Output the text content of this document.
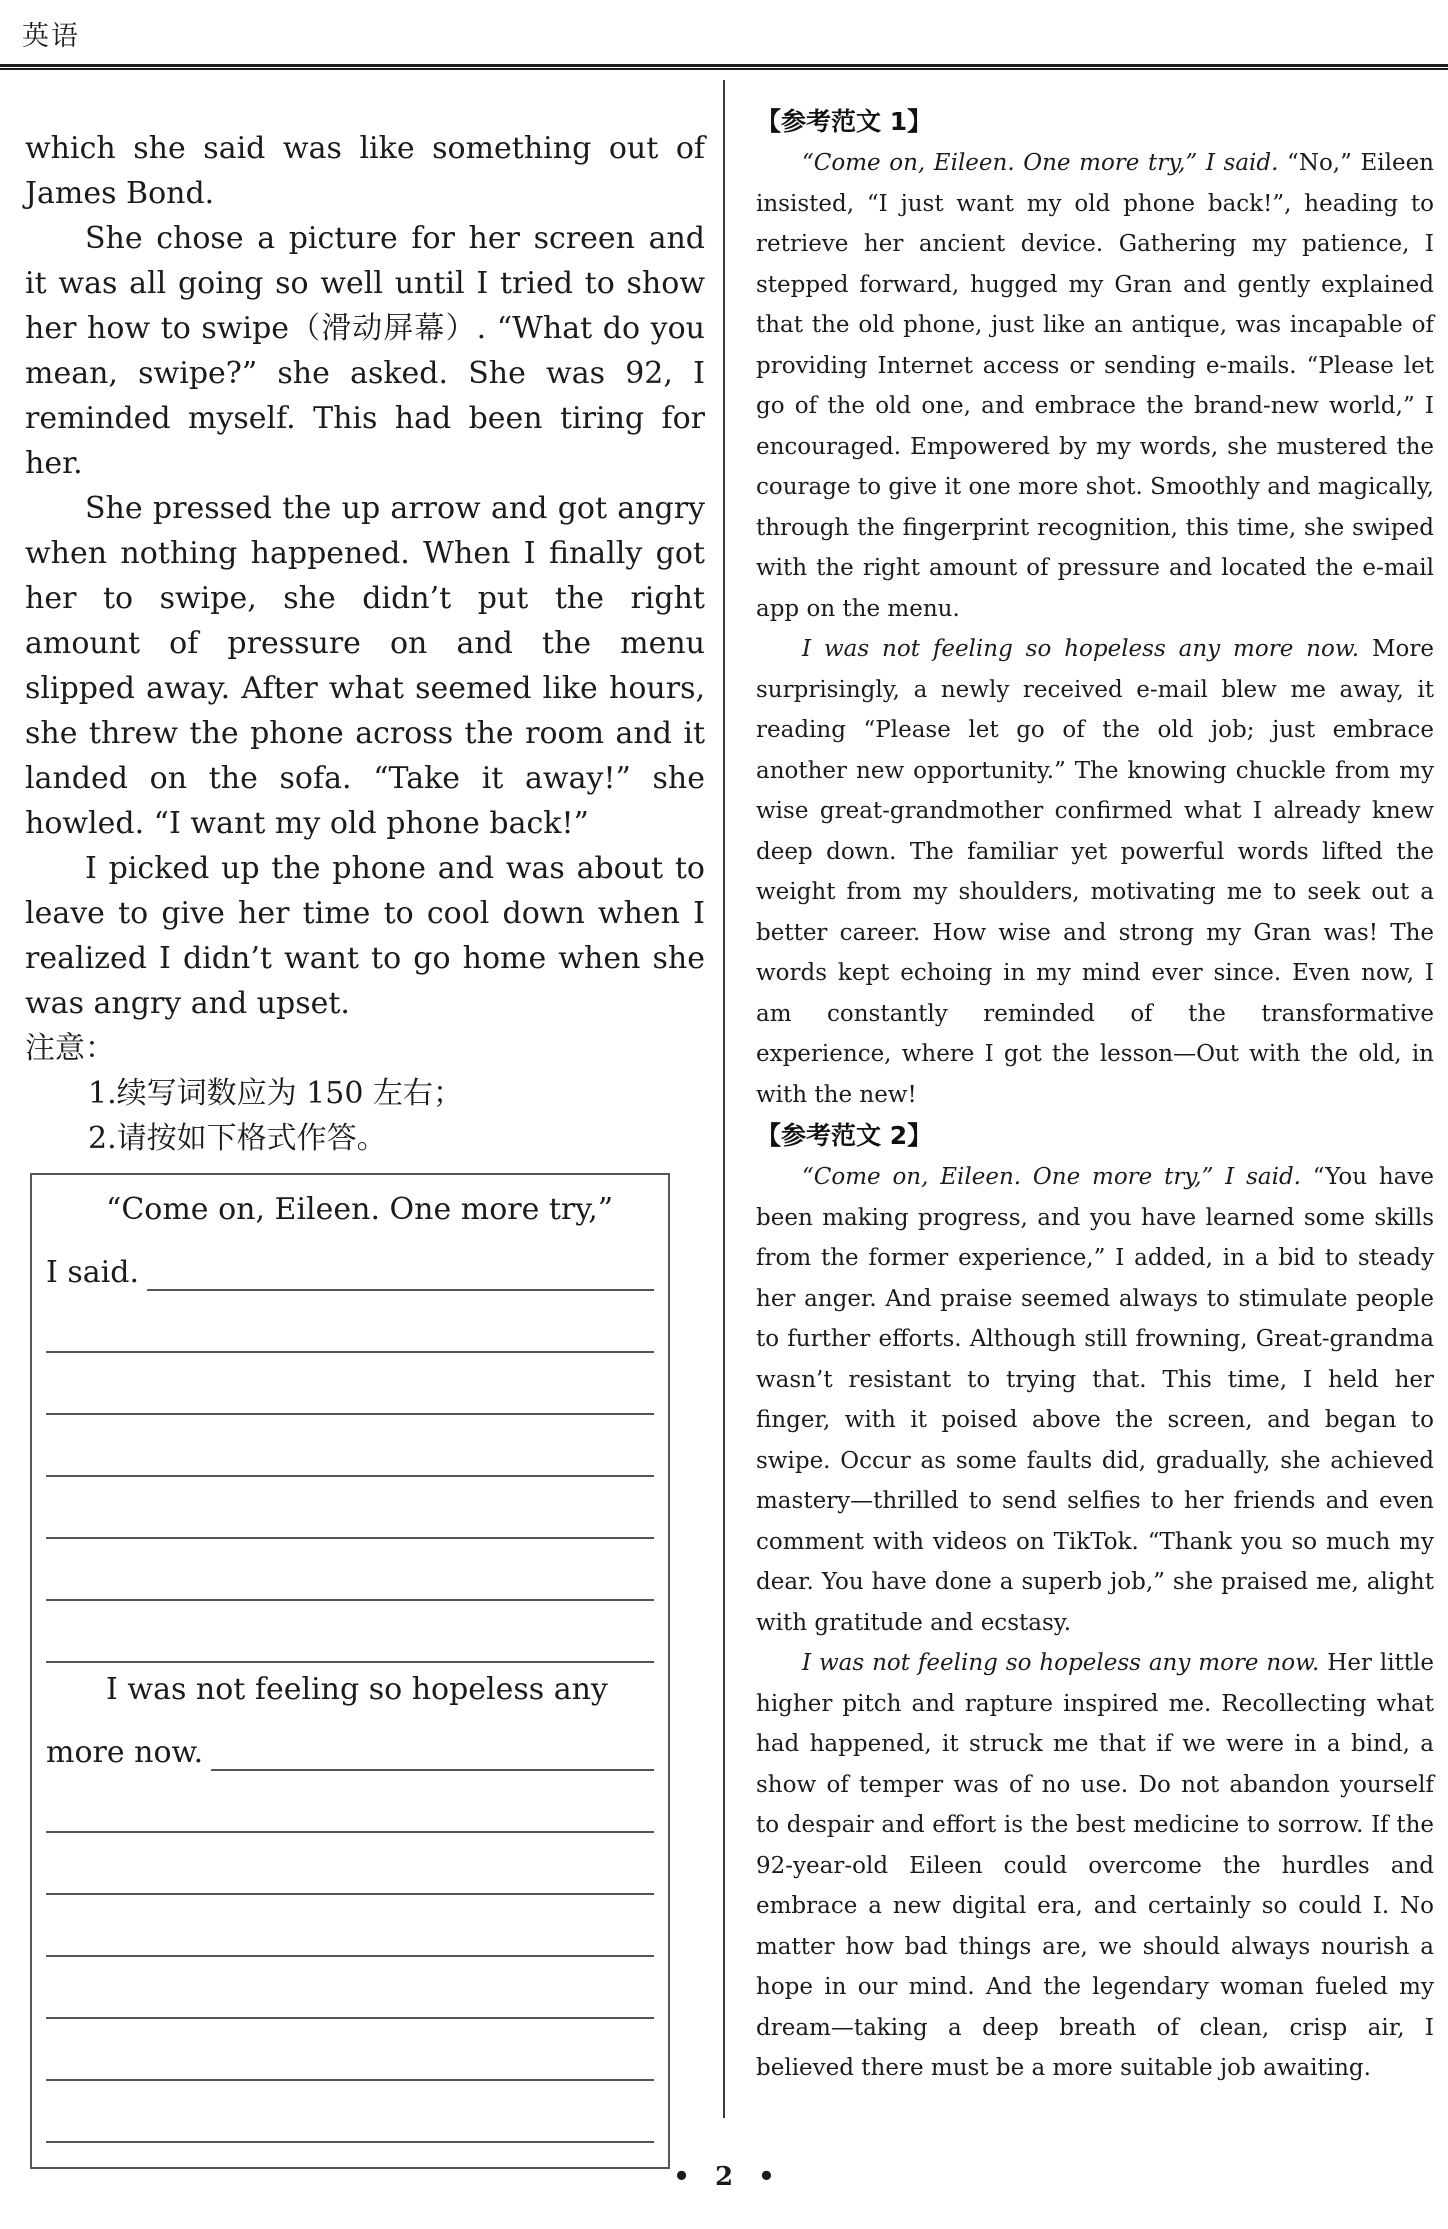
英语

which she said was like something out of James Bond.

She chose a picture for her screen and it was all going so well until I tried to show her how to swipe（滑动屏幕）. “What do you mean, swipe?” she asked. She was 92, I reminded myself. This had been tiring for her.

She pressed the up arrow and got angry when nothing happened. When I finally got her to swipe, she didn’t put the right amount of pressure on and the menu slipped away. After what seemed like hours, she threw the phone across the room and it landed on the sofa. “Take it away!” she howled. “I want my old phone back!”

I picked up the phone and was about to leave to give her time to cool down when I realized I didn’t want to go home when she was angry and upset.

注意：

1.续写词数应为 150 左右；

2.请按如下格式作答。

“Come on, Eileen. One more try,”
I said.
I was not feeling so hopeless any
more now.
【参考范文 1】

“Come on, Eileen. One more try,” I said. “No,” Eileen insisted, “I just want my old phone back!”, heading to retrieve her ancient device. Gathering my patience, I stepped forward, hugged my Gran and gently explained that the old phone, just like an antique, was incapable of providing Internet access or sending e-mails. “Please let go of the old one, and embrace the brand-new world,” I encouraged. Empowered by my words, she mustered the courage to give it one more shot. Smoothly and magically, through the fingerprint recognition, this time, she swiped with the right amount of pressure and located the e-mail app on the menu.

I was not feeling so hopeless any more now. More surprisingly, a newly received e-mail blew me away, it reading “Please let go of the old job; just embrace another new opportunity.” The knowing chuckle from my wise great-grandmother confirmed what I already knew deep down. The familiar yet powerful words lifted the weight from my shoulders, motivating me to seek out a better career. How wise and strong my Gran was! The words kept echoing in my mind ever since. Even now, I am constantly reminded of the transformative experience, where I got the lesson—Out with the old, in with the new!

【参考范文 2】

“Come on, Eileen. One more try,” I said. “You have been making progress, and you have learned some skills from the former experience,” I added, in a bid to steady her anger. And praise seemed always to stimulate people to further efforts. Although still frowning, Great-grandma wasn’t resistant to trying that. This time, I held her finger, with it poised above the screen, and began to swipe. Occur as some faults did, gradually, she achieved mastery—thrilled to send selfies to her friends and even comment with videos on TikTok. “Thank you so much my dear. You have done a superb job,” she praised me, alight with gratitude and ecstasy.

I was not feeling so hopeless any more now. Her little higher pitch and rapture inspired me. Recollecting what had happened, it struck me that if we were in a bind, a show of temper was of no use. Do not abandon yourself to despair and effort is the best medicine to sorrow. If the 92-year-old Eileen could overcome the hurdles and embrace a new digital era, and certainly so could I. No matter how bad things are, we should always nourish a hope in our mind. And the legendary woman fueled my dream—taking a deep breath of clean, crisp air, I believed there must be a more suitable job awaiting.

• 2 •
